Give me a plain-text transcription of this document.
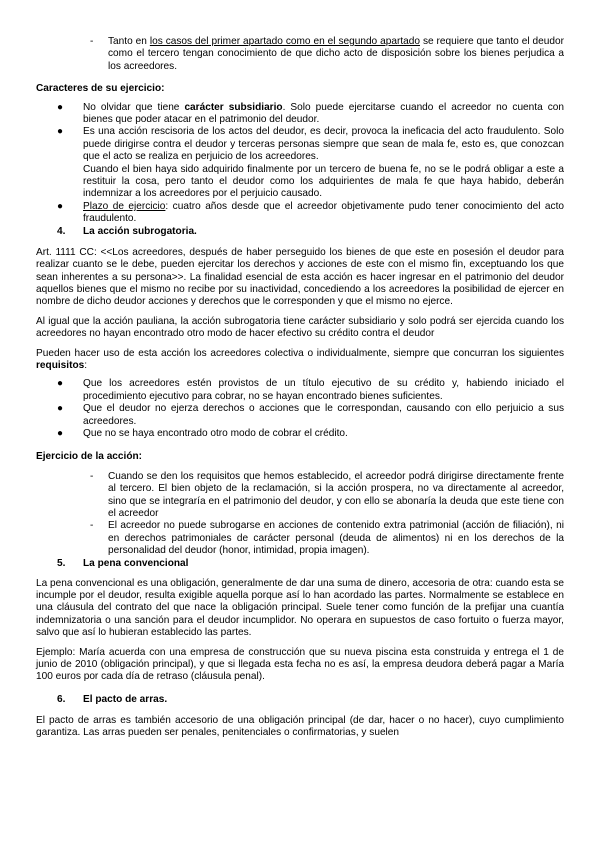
- Tanto en los casos del primer apartado como en el segundo apartado se requiere que tanto el deudor como el tercero tengan conocimiento de que dicho acto de disposición sobre los bienes perjudica a los acreedores.

Caracteres de su ejercicio:

● No olvidar que tiene carácter subsidiario. Solo puede ejercitarse cuando el acreedor no cuenta con bienes que poder atacar en el patrimonio del deudor.

● Es una acción rescisoria de los actos del deudor, es decir, provoca la ineficacia del acto fraudulento. Solo puede dirigirse contra el deudor y terceras personas siempre que sean de mala fe, esto es, que conozcan que el acto se realiza en perjuicio de los acreedores.

Cuando el bien haya sido adquirido finalmente por un tercero de buena fe, no se le podrá obligar a este a restituir la cosa, pero tanto el deudor como los adquirientes de mala fe que haya habido, deberán indemnizar a los acreedores por el perjuicio causado.

● Plazo de ejercicio: cuatro años desde que el acreedor objetivamente pudo tener conocimiento del acto fraudulento.

4. La acción subrogatoria.

Art. 1111 CC: <<Los acreedores, después de haber perseguido los bienes de que este en posesión el deudor para realizar cuanto se le debe, pueden ejercitar los derechos y acciones de este con el mismo fin, exceptuando los que sean inherentes a su persona>>. La finalidad esencial de esta acción es hacer ingresar en el patrimonio del deudor aquellos bienes que el mismo no recibe por su inactividad, concediendo a los acreedores la posibilidad de ejercer en nombre de dicho deudor acciones y derechos que le corresponden y que el mismo no ejerce.

Al igual que la acción pauliana, la acción subrogatoria tiene carácter subsidiario y solo podrá ser ejercida cuando los acreedores no hayan encontrado otro modo de hacer efectivo su crédito contra el deudor

Pueden hacer uso de esta acción los acreedores colectiva o individualmente, siempre que concurran los siguientes requisitos:

● Que los acreedores estén provistos de un título ejecutivo de su crédito y, habiendo iniciado el procedimiento ejecutivo para cobrar, no se hayan encontrado bienes suficientes.

● Que el deudor no ejerza derechos o acciones que le correspondan, causando con ello perjuicio a sus acreedores.

● Que no se haya encontrado otro modo de cobrar el crédito.

Ejercicio de la acción:

- Cuando se den los requisitos que hemos establecido, el acreedor podrá dirigirse directamente frente al tercero. El bien objeto de la reclamación, si la acción prospera, no va directamente al acreedor, sino que se integraría en el patrimonio del deudor, y con ello se abonaría la deuda que este tiene con el acreedor

- El acreedor no puede subrogarse en acciones de contenido extra patrimonial (acción de filiación), ni en derechos patrimoniales de carácter personal (deuda de alimentos) ni en los derechos de la personalidad del deudor (honor, intimidad, propia imagen).

5. La pena convencional

La pena convencional es una obligación, generalmente de dar una suma de dinero, accesoria de otra: cuando esta se incumple por el deudor, resulta exigible aquella porque así lo han acordado las partes. Normalmente se establece en una cláusula del contrato del que nace la obligación principal. Suele tener como función de la prefijar una cuantía indemnizatoria o una sanción para el deudor incumplidor. No operara en supuestos de caso fortuito o fuerza mayor, salvo que así lo hubieran establecido las partes.

Ejemplo: María acuerda con una empresa de construcción que su nueva piscina esta construida y entrega el 1 de junio de 2010 (obligación principal), y que si llegada esta fecha no es así, la empresa deudora deberá pagar a María 100 euros por cada día de retraso (cláusula penal).

6. El pacto de arras.

El pacto de arras es también accesorio de una obligación principal (de dar, hacer o no hacer), cuyo cumplimiento garantiza. Las arras pueden ser penales, penitenciales o confirmatorias, y suelen
